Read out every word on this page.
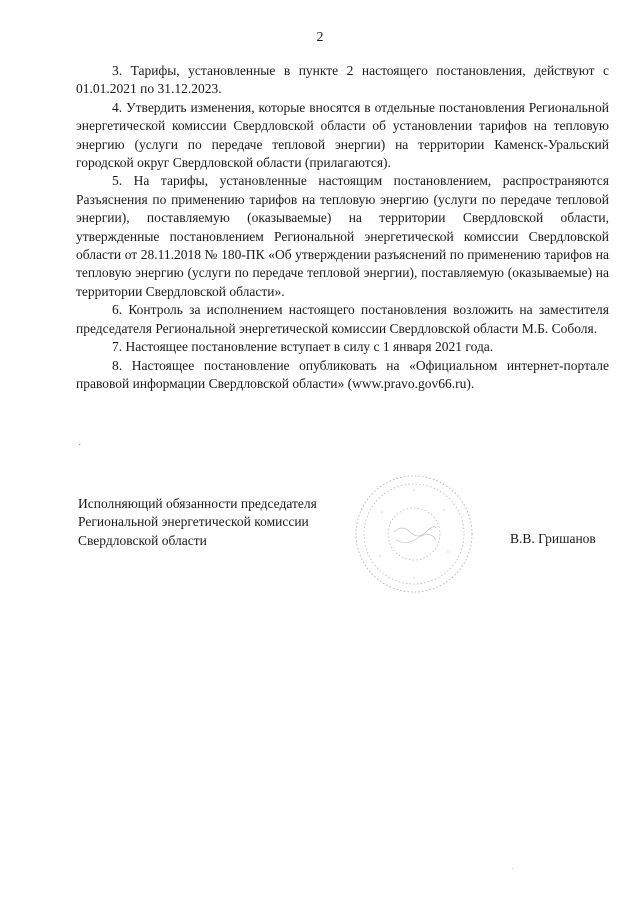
2

3. Тарифы, установленные в пункте 2 настоящего постановления, действуют с 01.01.2021 по 31.12.2023.

4. Утвердить изменения, которые вносятся в отдельные постановления Региональной энергетической комиссии Свердловской области об установлении тарифов на тепловую энергию (услуги по передаче тепловой энергии) на территории Каменск-Уральский городской округ Свердловской области (прилагаются).

5. На тарифы, установленные настоящим постановлением, распространяются Разъяснения по применению тарифов на тепловую энергию (услуги по передаче тепловой энергии), поставляемую (оказываемые) на территории Свердловской области, утвержденные постановлением Региональной энергетической комиссии Свердловской области от 28.11.2018 № 180-ПК «Об утверждении разъяснений по применению тарифов на тепловую энергию (услуги по передаче тепловой энергии), поставляемую (оказываемые) на территории Свердловской области».

6. Контроль за исполнением настоящего постановления возложить на заместителя председателя Региональной энергетической комиссии Свердловской области М.Б. Соболя.

7. Настоящее постановление вступает в силу с 1 января 2021 года.

8. Настоящее постановление опубликовать на «Официальном интернет-портале правовой информации Свердловской области» (www.pravo.gov66.ru).

·
Исполняющий обязанности председателя
Региональной энергетической комиссии
Свердловской области	В.В. Гришанов
.
